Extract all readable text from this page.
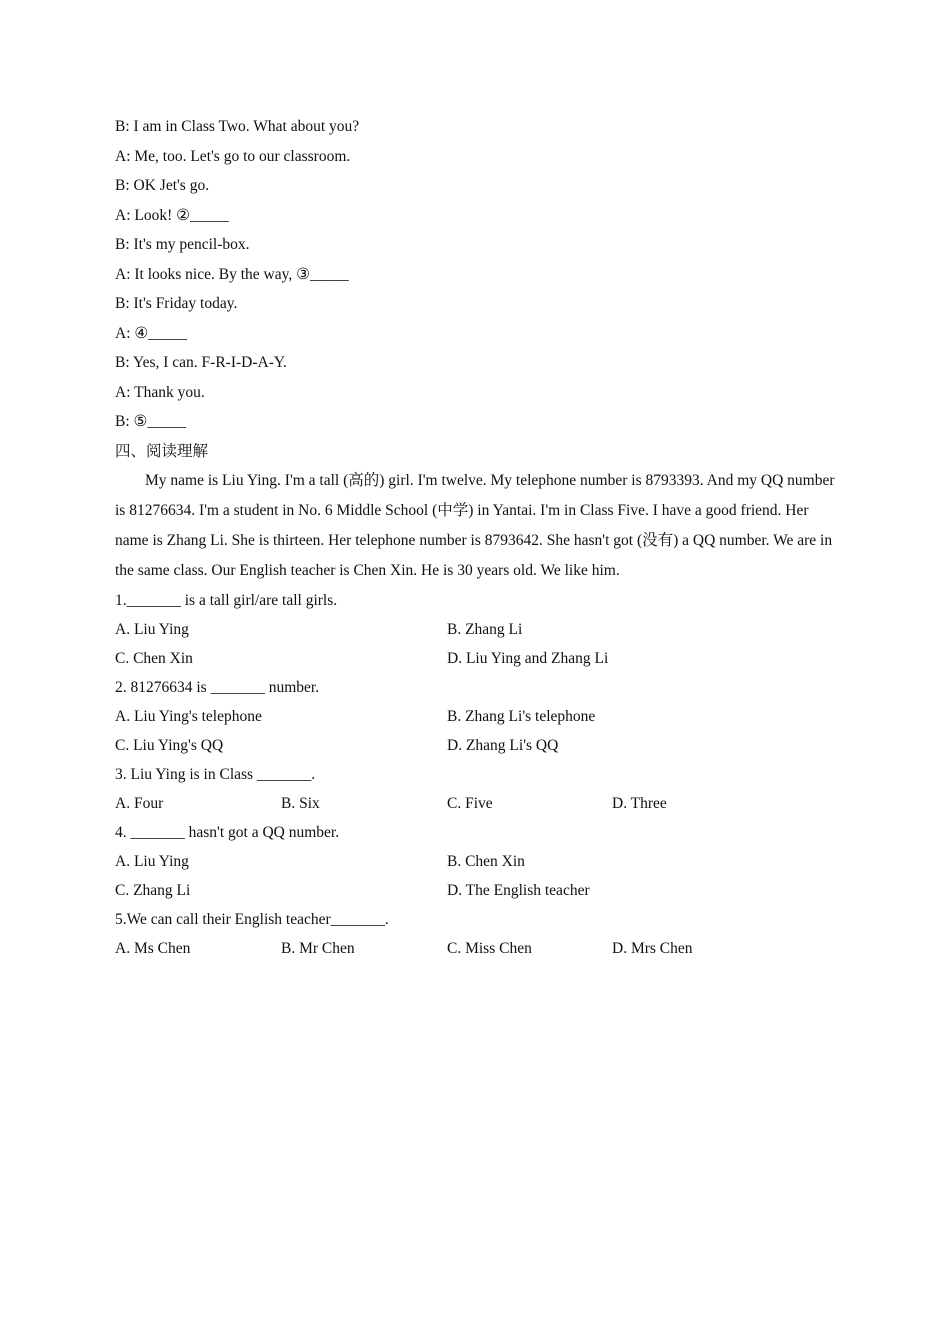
B: I am in Class Two. What about you?
A: Me, too. Let's go to our classroom.
B: OK Jet's go.
A: Look! ②_____
B: It's my pencil-box.
A: It looks nice. By the way, ③_____
B: It's Friday today.
A: ④_____
B: Yes, I can. F-R-I-D-A-Y.
A: Thank you.
B: ⑤_____
四、阅读理解

My name is Liu Ying. I'm a tall (高的) girl. I'm twelve. My telephone number is 8793393. And my QQ number is 81276634. I'm a student in No. 6 Middle School (中学) in Yantai. I'm in Class Five. I have a good friend. Her name is Zhang Li. She is thirteen. Her telephone number is 8793642. She hasn't got (没有) a QQ number. We are in the same class. Our English teacher is Chen Xin. He is 30 years old. We like him.

1._______ is a tall girl/are tall girls.
A. Liu Ying	B. Zhang Li
C. Chen Xin	D. Liu Ying and Zhang Li
2. 81276634 is _______ number.
A. Liu Ying's telephone	B. Zhang Li's telephone
C. Liu Ying's QQ	D. Zhang Li's QQ
3. Liu Ying is in Class _______.
A. Four	B. Six	C. Five	D. Three
4. _______ hasn't got a QQ number.
A. Liu Ying	B. Chen Xin
C. Zhang Li	D. The English teacher
5.We can call their English teacher_______.
A. Ms Chen	B. Mr Chen	C. Miss Chen	D. Mrs Chen
